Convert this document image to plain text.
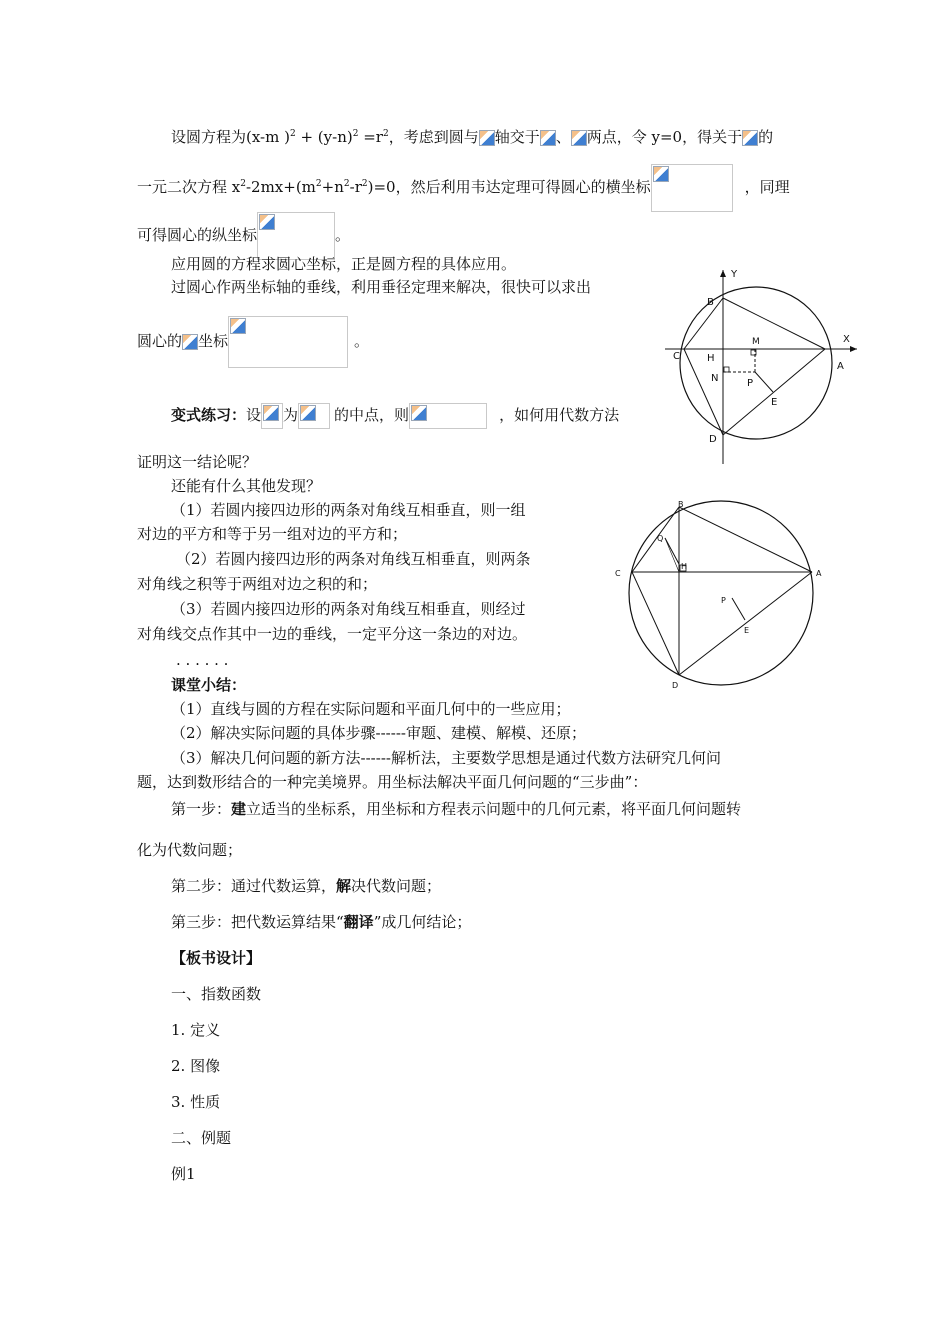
设圆方程为(x-m )$^2 + (y-n)^2 =r^2$，考虑到圆与 轴交于 、 两点，令 y=0，得关于 的
一元二次方程 $x^2-2mx+(m^2+n^2-r^2)=0$，然后利用韦达定理可得圆心的横坐标	，同理
可得圆心的纵坐标	。
应用圆的方程求圆心坐标，正是圆方程的具体应用。
过圆心作两坐标轴的垂线，利用垂径定理来解决，很快可以求出
圆心的 坐标	。
变式练习：设 为 的中点，则	，如何用代数方法
证明这一结论呢？
还能有什么其他发现？
（1）若圆内接四边形的两条对角线互相垂直，则一组
对边的平方和等于另一组对边的平方和；
（2）若圆内接四边形的两条对角线互相垂直，则两条
对角线之积等于两组对边之积的和；
（3）若圆内接四边形的两条对角线互相垂直，则经过
对角线交点作其中一边的垂线，一定平分这一条边的对边。
. . . . . .
课堂小结：
（1）直线与圆的方程在实际问题和平面几何中的一些应用；
（2）解决实际问题的具体步骤------审题、建模、解模、还原；
（3）解决几何问题的新方法------解析法，主要数学思想是通过代数方法研究几何问
题，达到数形结合的一种完美境界。用坐标法解决平面几何问题的“三步曲”：
第一步：建立适当的坐标系，用坐标和方程表示问题中的几何元素，将平面几何问题转
化为代数问题；
第二步：通过代数运算，解决代数问题；
第三步：把代数运算结果“翻译”成几何结论；
【板书设计】
一、指数函数
1. 定义
2. 图像
3. 性质
二、例题
例1
Y
X
B
M
C	H
N
A
P
E
D
B
Q
H
C	A
P
E
D
